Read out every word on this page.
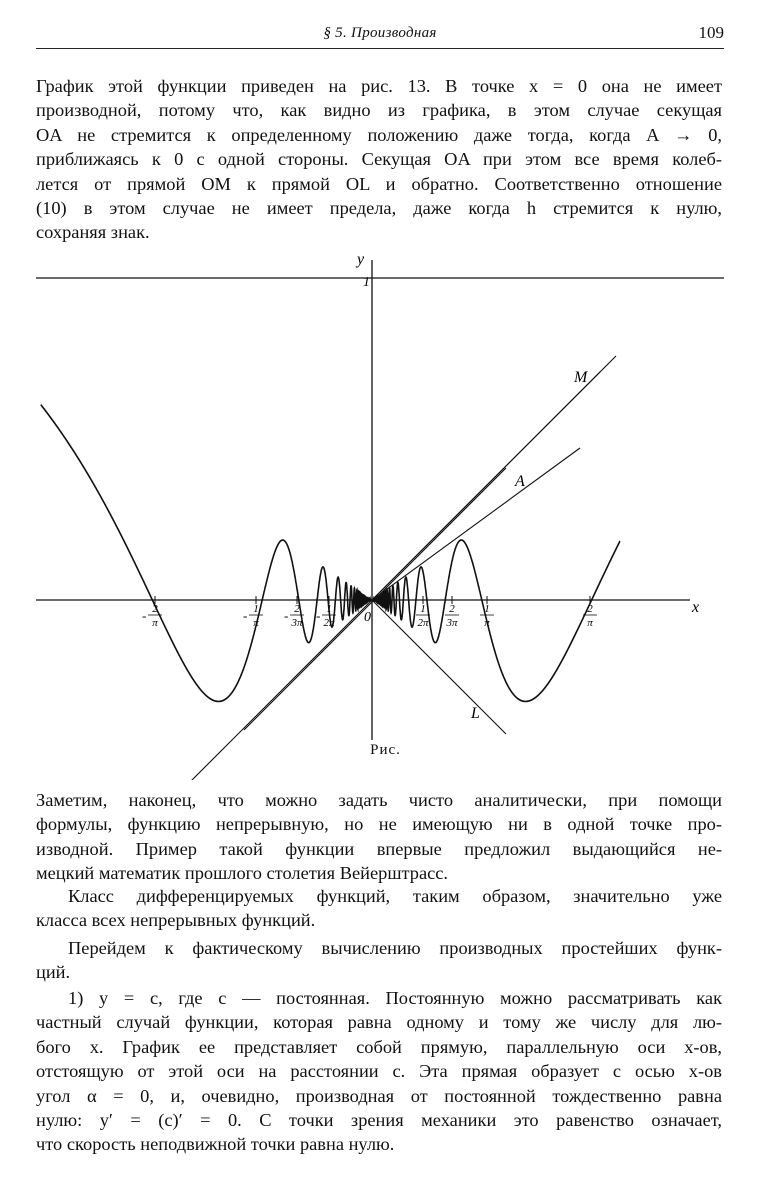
§ 5. Производная	109
График этой функции приведен на рис. 13. В точке x = 0 она не имеет
производной, потому что, как видно из графика, в этом случае секущая
OA не стремится к определенному положению даже тогда, когда A → 0,
приближаясь к 0 с одной стороны. Секущая OA при этом все время колеб-
лется от прямой OM к прямой OL и обратно. Соответственно отношение
(10) в этом случае не имеет предела, даже когда h стремится к нулю,
сохраняя знак.
y
x
1
0
M
A
L
- 2
π	- 1
π - 2
3π - 1
2π
1
2π
2
3π
1
π
2
π
Рис.
Заметим, наконец, что можно задать чисто аналитически, при помощи
формулы, функцию непрерывную, но не имеющую ни в одной точке про-
изводной. Пример такой функции впервые предложил выдающийся не-
мецкий математик прошлого столетия Вейерштрасс.
Класс дифференцируемых функций, таким образом, значительно уже
класса всех непрерывных функций.
Перейдем к фактическому вычислению производных простейших функ-
ций.
1) y = c, где c — постоянная. Постоянную можно рассматривать как
частный случай функции, которая равна одному и тому же числу для лю-
бого x. График ее представляет собой прямую, параллельную оси x-ов,
отстоящую от этой оси на расстоянии c. Эта прямая образует с осью x-ов
угол α = 0, и, очевидно, производная от постоянной тождественно равна
нулю: y′ = (c)′ = 0. С точки зрения механики это равенство означает,
что скорость неподвижной точки равна нулю.
